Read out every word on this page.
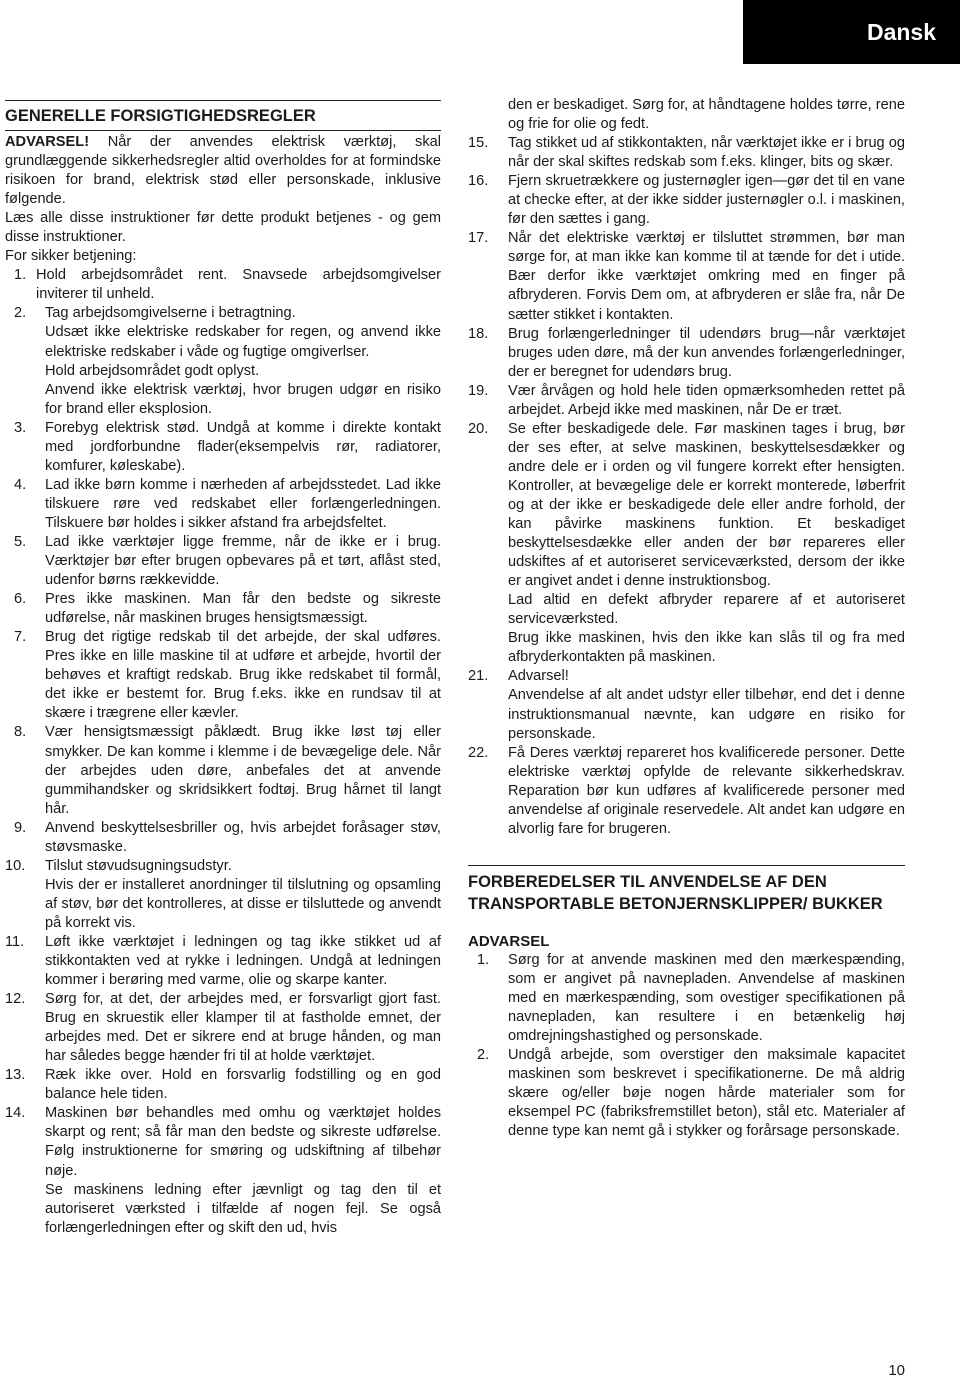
Dansk
GENERELLE FORSIGTIGHEDSREGLER

ADVARSEL! Når der anvendes elektrisk værktøj, skal grundlæggende sikkerhedsregler altid overholdes for at formindske risikoen for brand, elektrisk stød eller personskade, inklusive følgende.

Læs alle disse instruktioner før dette produkt betjenes - og gem disse instruktioner.

For sikker betjening:

1. Hold arbejdsområdet rent. Snavsede arbejdsomgivelser inviterer til unheld.
2.	Tag arbejdsomgivelserne i betragtning.

Udsæt ikke elektriske redskaber for regen, og anvend ikke elektriske redskaber i våde og fugtige omgiverlser.

Hold arbejdsområdet godt oplyst.

Anvend ikke elektrisk værktøj, hvor brugen udgør en risiko for brand eller eksplosion.

3.	Forebyg elektrisk stød. Undgå at komme i direkte kontakt med jordforbundne flader(eksempelvis rør, radiatorer, komfurer, køleskabe).
4.	Lad ikke børn komme i nærheden af arbejdsstedet. Lad ikke tilskuere røre ved redskabet eller forlængerledningen. Tilskuere bør holdes i sikker afstand fra arbejdsfeltet.
5.	Lad ikke værktøjer ligge fremme, når de ikke er i brug. Værktøjer bør efter brugen opbevares på et tørt, aflåst sted, udenfor børns rækkevidde.
6.	Pres ikke maskinen. Man får den bedste og sikreste udførelse, når maskinen bruges hensigtsmæssigt.
7.	Brug det rigtige redskab til det arbejde, der skal udføres. Pres ikke en lille maskine til at udføre et arbejde, hvortil der behøves et kraftigt redskab. Brug ikke redskabet til formål, det ikke er bestemt for. Brug f.eks. ikke en rundsav til at skære i trægrene eller kævler.
8.	Vær hensigtsmæssigt påklædt. Brug ikke løst tøj eller smykker. De kan komme i klemme i de bevægelige dele. Når der arbejdes uden døre, anbefales det at anvende gummihandsker og skridsikkert fodtøj. Brug hårnet til langt hår.
9.	Anvend beskyttelsesbriller og, hvis arbejdet foråsager støv, støvsmaske.
10.	Tilslut støvudsugningsudstyr.

Hvis der er installeret anordninger til tilslutning og opsamling af støv, bør det kontrolleres, at disse er tilsluttede og anvendt på korrekt vis.

11.	Løft ikke værktøjet i ledningen og tag ikke stikket ud af stikkontakten ved at rykke i ledningen. Undgå at ledningen kommer i berøring med varme, olie og skarpe kanter.
12.	Sørg for, at det, der arbejdes med, er forsvarligt gjort fast. Brug en skruestik eller klamper til at fastholde emnet, der arbejdes med. Det er sikrere end at bruge hånden, og man har således begge hænder fri til at holde værktøjet.
13.	Ræk ikke over. Hold en forsvarlig fodstilling og en god balance hele tiden.
14.	Maskinen bør behandles med omhu og værktøjet holdes skarpt og rent; så får man den bedste og sikreste udførelse. Følg instruktionerne for smøring og udskiftning af tilbehør nøje.

Se maskinens ledning efter jævnligt og tag den til et autoriseret værksted i tilfælde af nogen fejl. Se også forlængerledningen efter og skift den ud, hvis

den er beskadiget. Sørg for, at håndtagene holdes tørre, rene og frie for olie og fedt.

15.	Tag stikket ud af stikkontakten, når værktøjet ikke er i brug og når der skal skiftes redskab som f.eks. klinger, bits og skær.
16.	Fjern skruetrækkere og justernøgler igen—gør det til en vane at checke efter, at der ikke sidder justernøgler o.l. i maskinen, før den sættes i gang.
17.	Når det elektriske værktøj er tilsluttet strømmen, bør man sørge for, at man ikke kan komme til at tænde for det i utide. Bær derfor ikke værktøjet omkring med en finger på afbryderen. Forvis Dem om, at afbryderen er slåe fra, når De sætter stikket i kontakten.
18.	Brug forlængerledninger til udendørs brug—når værktøjet bruges uden døre, må der kun anvendes forlængerledninger, der er beregnet for udendørs brug.
19.	Vær årvågen og hold hele tiden opmærksomheden rettet på arbejdet. Arbejd ikke med maskinen, når De er træt.
20.	Se efter beskadigede dele. Før maskinen tages i brug, bør der ses efter, at selve maskinen, beskyttelsesdækker og andre dele er i orden og vil fungere korrekt efter hensigten. Kontroller, at bevægelige dele er korrekt monterede, løberfrit og at der ikke er beskadigede dele eller andre forhold, der kan påvirke maskinens funktion. Et beskadiget beskyttelsesdække eller anden der bør repareres eller udskiftes af et autoriseret serviceværksted, dersom der ikke er angivet andet i denne instruktionsbog.

Lad altid en defekt afbryder reparere af et autoriseret serviceværksted.

Brug ikke maskinen, hvis den ikke kan slås til og fra med afbryderkontakten på maskinen.

21.	Advarsel!

Anvendelse af alt andet udstyr eller tilbehør, end det i denne instruktionsmanual nævnte, kan udgøre en risiko for personskade.

22.	Få Deres værktøj repareret hos kvalificerede personer. Dette elektriske værktøj opfylde de relevante sikkerhedskrav. Reparation bør kun udføres af kvalificerede personer med anvendelse af originale reservedele. Alt andet kan udgøre en alvorlig fare for brugeren.
FORBEREDELSER TIL ANVENDELSE AF DEN TRANSPORTABLE BETONJERNSKLIPPER/ BUKKER
ADVARSEL
1.	Sørg for at anvende maskinen med den mærkespænding, som er angivet på navnepladen. Anvendelse af maskinen med en mærkespænding, som ovestiger specifikationen på navnepladen, kan resultere i en betænkelig høj omdrejningshastighed og personskade.
2.	Undgå arbejde, som overstiger den maksimale kapacitet maskinen som beskrevet i specifikationerne. De må aldrig skære og/eller bøje nogen hårde materialer som for eksempel PC (fabriksfremstillet beton), stål etc. Materialer af denne type kan nemt gå i stykker og forårsage personskade.
10
